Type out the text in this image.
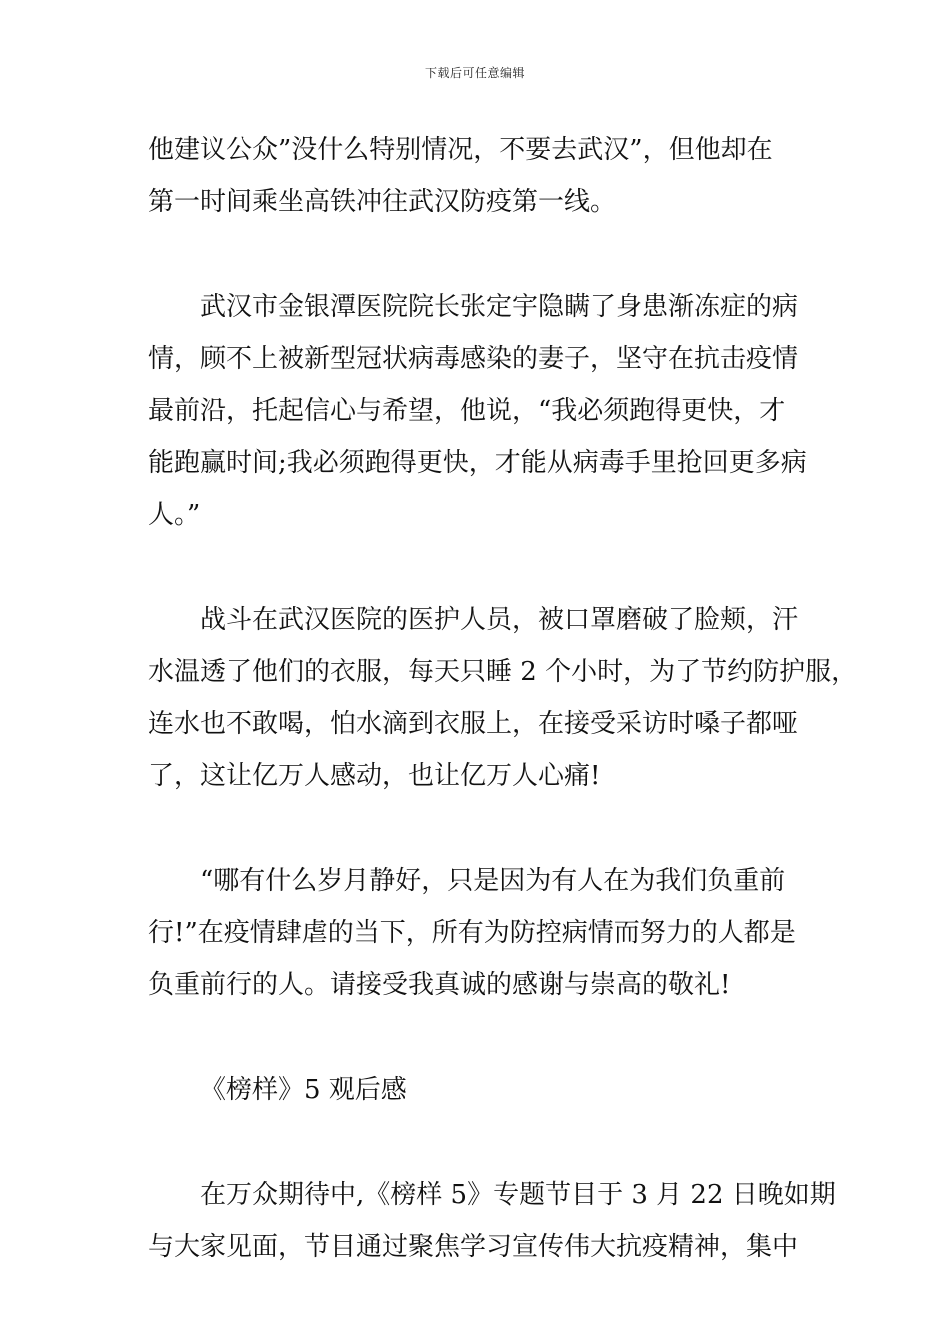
下载后可任意编辑

他建议公众”没什么特别情况，不要去武汉”，但他却在
第一时间乘坐高铁冲往武汉防疫第一线。

武汉市金银潭医院院长张定宇隐瞒了身患渐冻症的病
情，顾不上被新型冠状病毒感染的妻子，坚守在抗击疫情
最前沿，托起信心与希望，他说，“我必须跑得更快，才
能跑赢时间;我必须跑得更快，才能从病毒手里抢回更多病
人。”

战斗在武汉医院的医护人员，被口罩磨破了脸颊，汗
水温透了他们的衣服，每天只睡 2 个小时，为了节约防护服，
连水也不敢喝，怕水滴到衣服上，在接受采访时嗓子都哑
了，这让亿万人感动，也让亿万人心痛!

“哪有什么岁月静好，只是因为有人在为我们负重前
行!”在疫情肆虐的当下，所有为防控病情而努力的人都是
负重前行的人。请接受我真诚的感谢与崇高的敬礼!

《榜样》5 观后感

在万众期待中,《榜样 5》专题节目于 3 月 22 日晚如期
与大家见面，节目通过聚焦学习宣传伟大抗疫精神，集中
